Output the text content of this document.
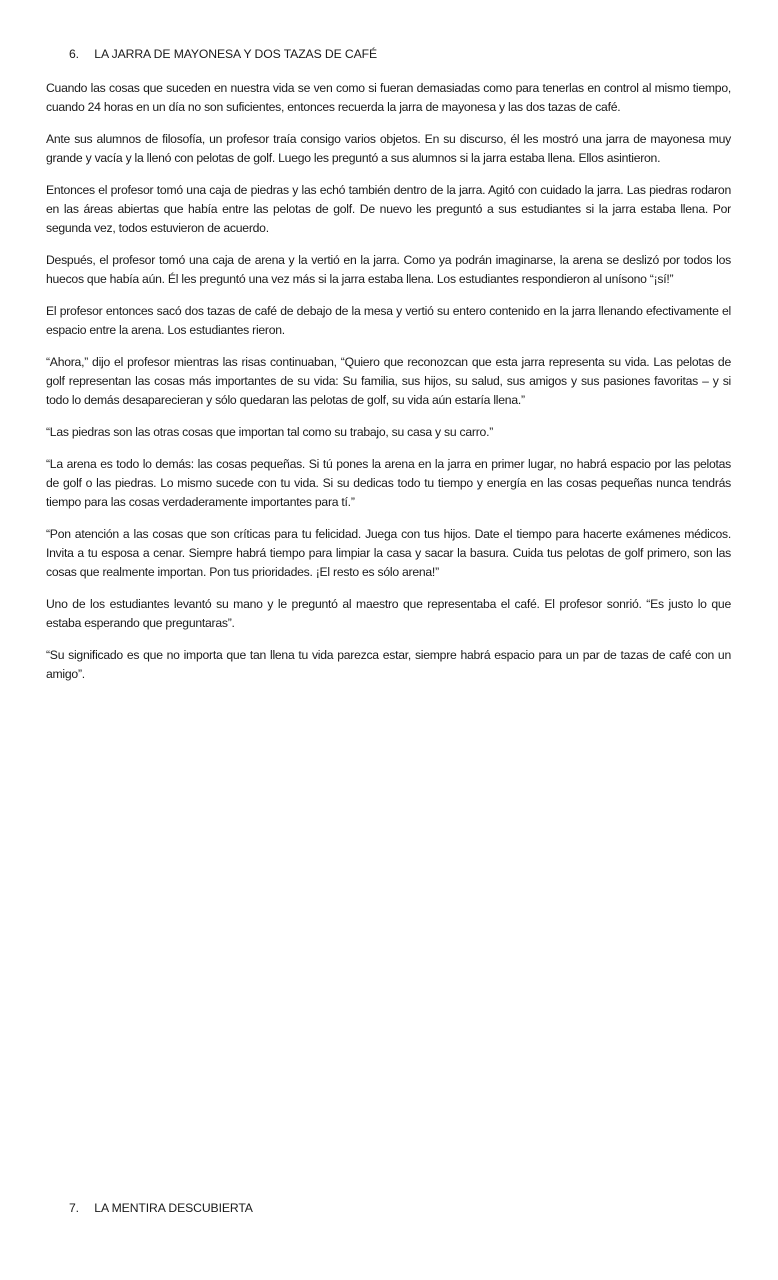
6. LA JARRA DE MAYONESA Y DOS TAZAS DE CAFÉ

Cuando las cosas que suceden en nuestra vida se ven como si fueran demasiadas como para tenerlas en control al mismo tiempo, cuando 24 horas en un día no son suficientes, entonces recuerda la jarra de mayonesa y las dos tazas de café.

Ante sus alumnos de filosofía, un profesor traía consigo varios objetos. En su discurso, él les mostró una jarra de mayonesa muy grande y vacía y la llenó con pelotas de golf. Luego les preguntó a sus alumnos si la jarra estaba llena. Ellos asintieron.

Entonces el profesor tomó una caja de piedras y las echó también dentro de la jarra. Agitó con cuidado la jarra. Las piedras rodaron en las áreas abiertas que había entre las pelotas de golf. De nuevo les preguntó a sus estudiantes si la jarra estaba llena. Por segunda vez, todos estuvieron de acuerdo.

Después, el profesor tomó una caja de arena y la vertió en la jarra. Como ya podrán imaginarse, la arena se deslizó por todos los huecos que había aún. Él les preguntó una vez más si la jarra estaba llena. Los estudiantes respondieron al unísono “¡sí!”

El profesor entonces sacó dos tazas de café de debajo de la mesa y vertió su entero contenido en la jarra llenando efectivamente el espacio entre la arena. Los estudiantes rieron.

“Ahora,” dijo el profesor mientras las risas continuaban, “Quiero que reconozcan que esta jarra representa su vida. Las pelotas de golf representan las cosas más importantes de su vida: Su familia, sus hijos, su salud, sus amigos y sus pasiones favoritas – y si todo lo demás desaparecieran y sólo quedaran las pelotas de golf, su vida aún estaría llena.”

“Las piedras son las otras cosas que importan tal como su trabajo, su casa y su carro.”

“La arena es todo lo demás: las cosas pequeñas. Si tú pones la arena en la jarra en primer lugar, no habrá espacio por las pelotas de golf o las piedras. Lo mismo sucede con tu vida. Si su dedicas todo tu tiempo y energía en las cosas pequeñas nunca tendrás tiempo para las cosas verdaderamente importantes para tí.”

“Pon atención a las cosas que son críticas para tu felicidad. Juega con tus hijos. Date el tiempo para hacerte exámenes médicos. Invita a tu esposa a cenar. Siempre habrá tiempo para limpiar la casa y sacar la basura. Cuida tus pelotas de golf primero, son las cosas que realmente importan. Pon tus prioridades. ¡El resto es sólo arena!”

Uno de los estudiantes levantó su mano y le preguntó al maestro que representaba el café. El profesor sonrió. “Es justo lo que estaba esperando que preguntaras”.

“Su significado es que no importa que tan llena tu vida parezca estar, siempre habrá espacio para un par de tazas de café con un amigo”.

7. LA MENTIRA DESCUBIERTA
